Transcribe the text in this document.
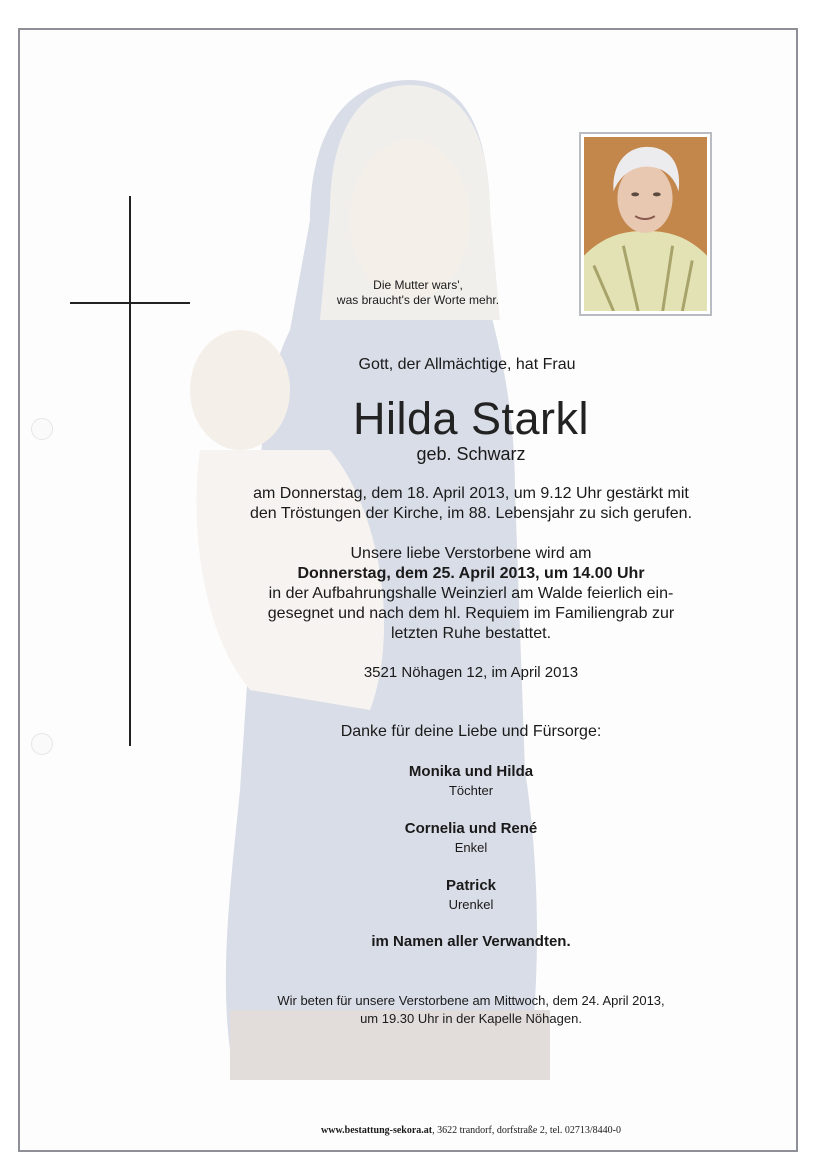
Die Mutter wars',
was braucht's der Worte mehr.

Gott, der Allmächtige, hat Frau

Hilda Starkl

geb. Schwarz

am Donnerstag, dem 18. April 2013, um 9.12 Uhr gestärkt mit
den Tröstungen der Kirche, im 88. Lebensjahr zu sich gerufen.
Unsere liebe Verstorbene wird am
Donnerstag, dem 25. April 2013, um 14.00 Uhr
in der Aufbahrungshalle Weinzierl am Walde feierlich ein-
gesegnet und nach dem hl. Requiem im Familiengrab zur
letzten Ruhe bestattet.

3521 Nöhagen 12, im April 2013

Danke für deine Liebe und Fürsorge:

Monika und Hilda

Töchter

Cornelia und René

Enkel

Patrick

Urenkel

im Namen aller Verwandten.

Wir beten für unsere Verstorbene am Mittwoch, dem 24. April 2013,
um 19.30 Uhr in der Kapelle Nöhagen.

www.bestattung-sekora.at, 3622 trandorf, dorfstraße 2, tel. 02713/8440-0
